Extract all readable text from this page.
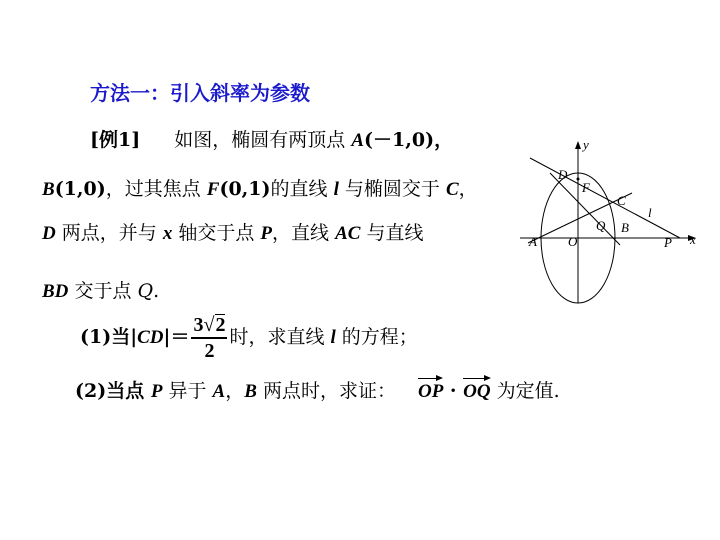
方法一：引入斜率为参数
[例1] 如图，椭圆有两顶点 A(－1,0)，
B(1,0)，过其焦点 F(0,1)的直线 l 与椭圆交于 C，
D 两点，并与 x 轴交于点 P，直线 AC 与直线
BD 交于点 Q.
(1)当$|CD|= \frac{3√2}{2}$ 时，求直线 l 的方程；
(2)当点 P 异于 A，B 两点时，求证： OP · OQ 为定值.
y
x
D
F
C
Q B
l
A O	P
